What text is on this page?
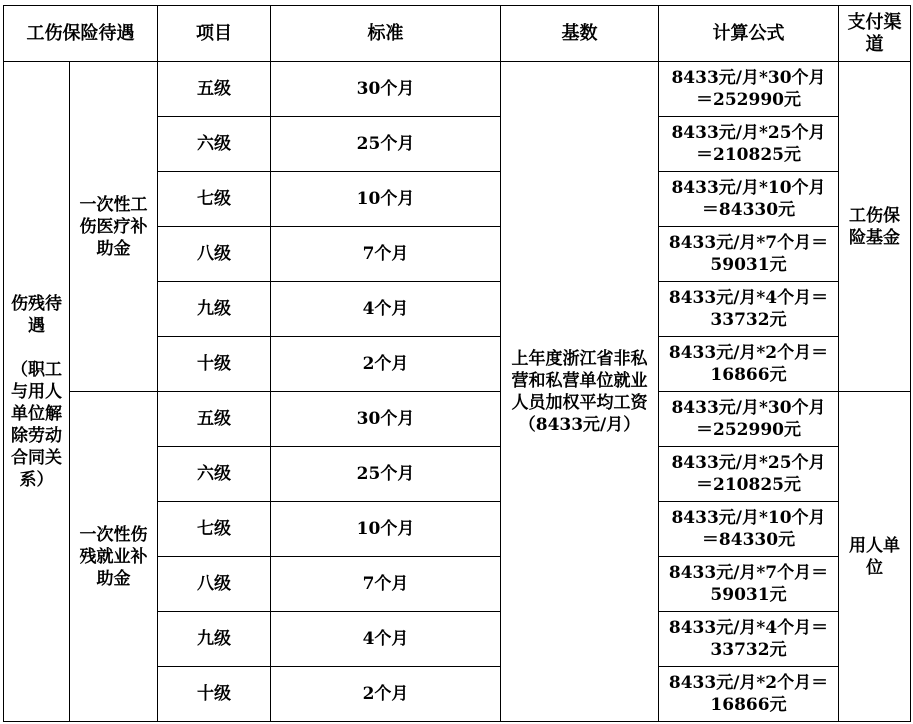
工伤保险待遇		项目	标准	基数	计算公式	支付渠道
伤残待遇

（职工与用人单位解除劳动合同关系）	一次性工伤医疗补助金	五级	30个月	上年度浙江省非私营和私营单位就业人员加权平均工资（8433元/月）	8433元/月*30个月＝252990元	工伤保险基金
		六级	25个月		8433元/月*25个月＝210825元	
		七级	10个月		8433元/月*10个月＝84330元	
		八级	7个月		8433元/月*7个月＝59031元	
		九级	4个月		8433元/月*4个月＝33732元	
		十级	2个月		8433元/月*2个月＝16866元	
	一次性伤残就业补助金	五级	30个月		8433元/月*30个月＝252990元	用人单位
		六级	25个月		8433元/月*25个月＝210825元	
		七级	10个月		8433元/月*10个月＝84330元	
		八级	7个月		8433元/月*7个月＝59031元	
		九级	4个月		8433元/月*4个月＝33732元	
		十级	2个月		8433元/月*2个月＝16866元	
